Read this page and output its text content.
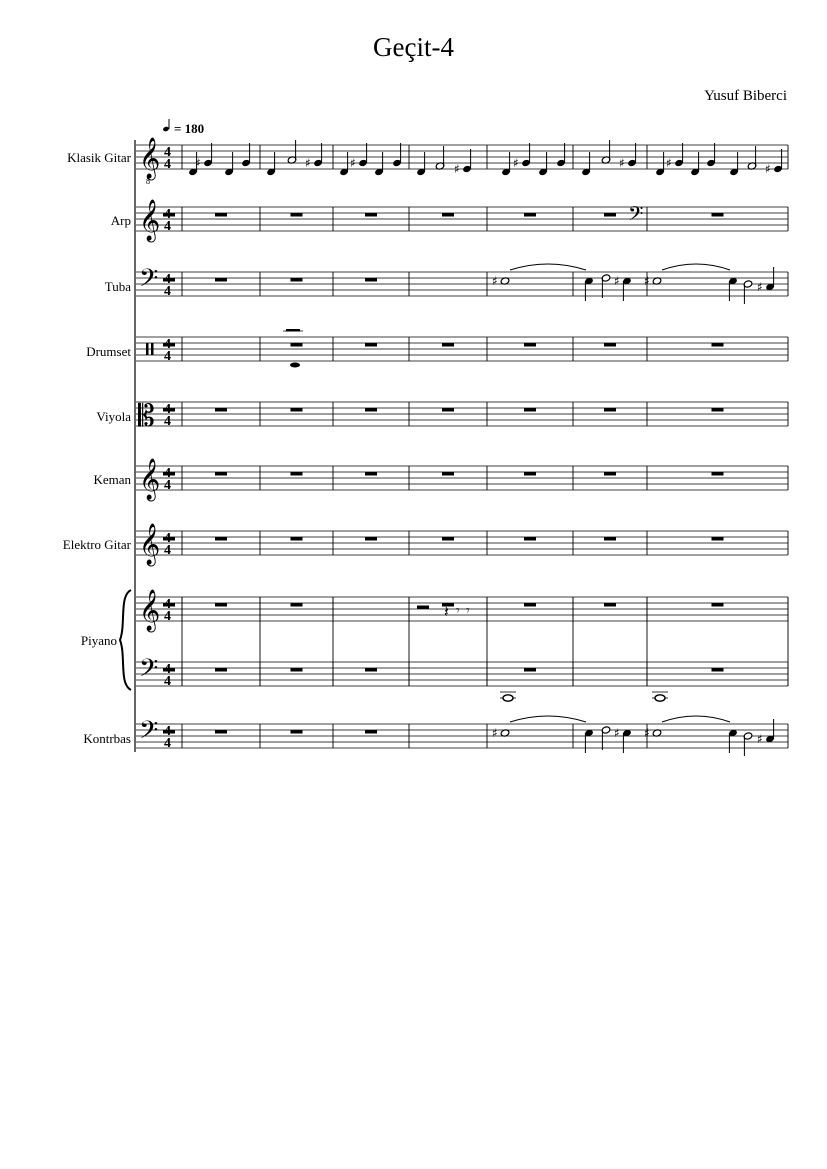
Geçit-4
Yusuf Biberci
= 180
Klasik Gitar
Arp
Tuba
Drumset
Viyola
Keman
Elektro Gitar
Piyano
Kontrbas
𝄞
8
4
4
𝄞 4
𝄢 4
4
𝄡 4
𝄞 4
𝄞 4
𝄞 4
𝄢 4
𝄢 4
𝄢
𝄽 𝄾 𝄾
♯	♯	♯	♯	♯	♯	♯	♯
♯	♯ ♯	♯
♯	♯ ♯	♯
